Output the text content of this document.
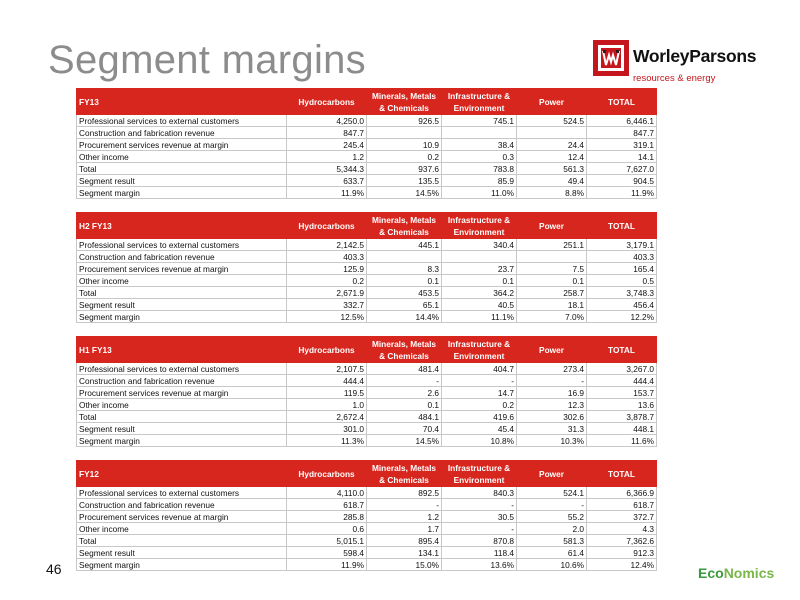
Segment margins	WorleyParsons
resources & energy
FY13	Hydrocarbons	Minerals, Metals & Chemicals	Infrastructure & Environment	Power	TOTAL
Professional services to external customers	4,250.0	926.5	745.1	524.5	6,446.1
Construction and fabrication revenue	847.7				847.7
Procurement services revenue at margin	245.4	10.9	38.4	24.4	319.1
Other income	1.2	0.2	0.3	12.4	14.1
Total	5,344.3	937.6	783.8	561.3	7,627.0
Segment result	633.7	135.5	85.9	49.4	904.5
Segment margin	11.9%	14.5%	11.0%	8.8%	11.9%
H2 FY13	Hydrocarbons	Minerals, Metals & Chemicals	Infrastructure & Environment	Power	TOTAL
Professional services to external customers	2,142.5	445.1	340.4	251.1	3,179.1
Construction and fabrication revenue	403.3				403.3
Procurement services revenue at margin	125.9	8.3	23.7	7.5	165.4
Other income	0.2	0.1	0.1	0.1	0.5
Total	2,671.9	453.5	364.2	258.7	3,748.3
Segment result	332.7	65.1	40.5	18.1	456.4
Segment margin	12.5%	14.4%	11.1%	7.0%	12.2%
H1 FY13	Hydrocarbons	Minerals, Metals & Chemicals	Infrastructure & Environment	Power	TOTAL
Professional services to external customers	2,107.5	481.4	404.7	273.4	3,267.0
Construction and fabrication revenue	444.4	-	-	-	444.4
Procurement services revenue at margin	119.5	2.6	14.7	16.9	153.7
Other income	1.0	0.1	0.2	12.3	13.6
Total	2,672.4	484.1	419.6	302.6	3,878.7
Segment result	301.0	70.4	45.4	31.3	448.1
Segment margin	11.3%	14.5%	10.8%	10.3%	11.6%
FY12	Hydrocarbons	Minerals, Metals & Chemicals	Infrastructure & Environment	Power	TOTAL
Professional services to external customers	4,110.0	892.5	840.3	524.1	6,366.9
Construction and fabrication revenue	618.7	-	-	-	618.7
Procurement services revenue at margin	285.8	1.2	30.5	55.2	372.7
Other income	0.6	1.7	-	2.0	4.3
Total	5,015.1	895.4	870.8	581.3	7,362.6
Segment result	598.4	134.1	118.4	61.4	912.3
Segment margin	11.9%	15.0%	13.6%	10.6%	12.4%
46	EcoNomics
